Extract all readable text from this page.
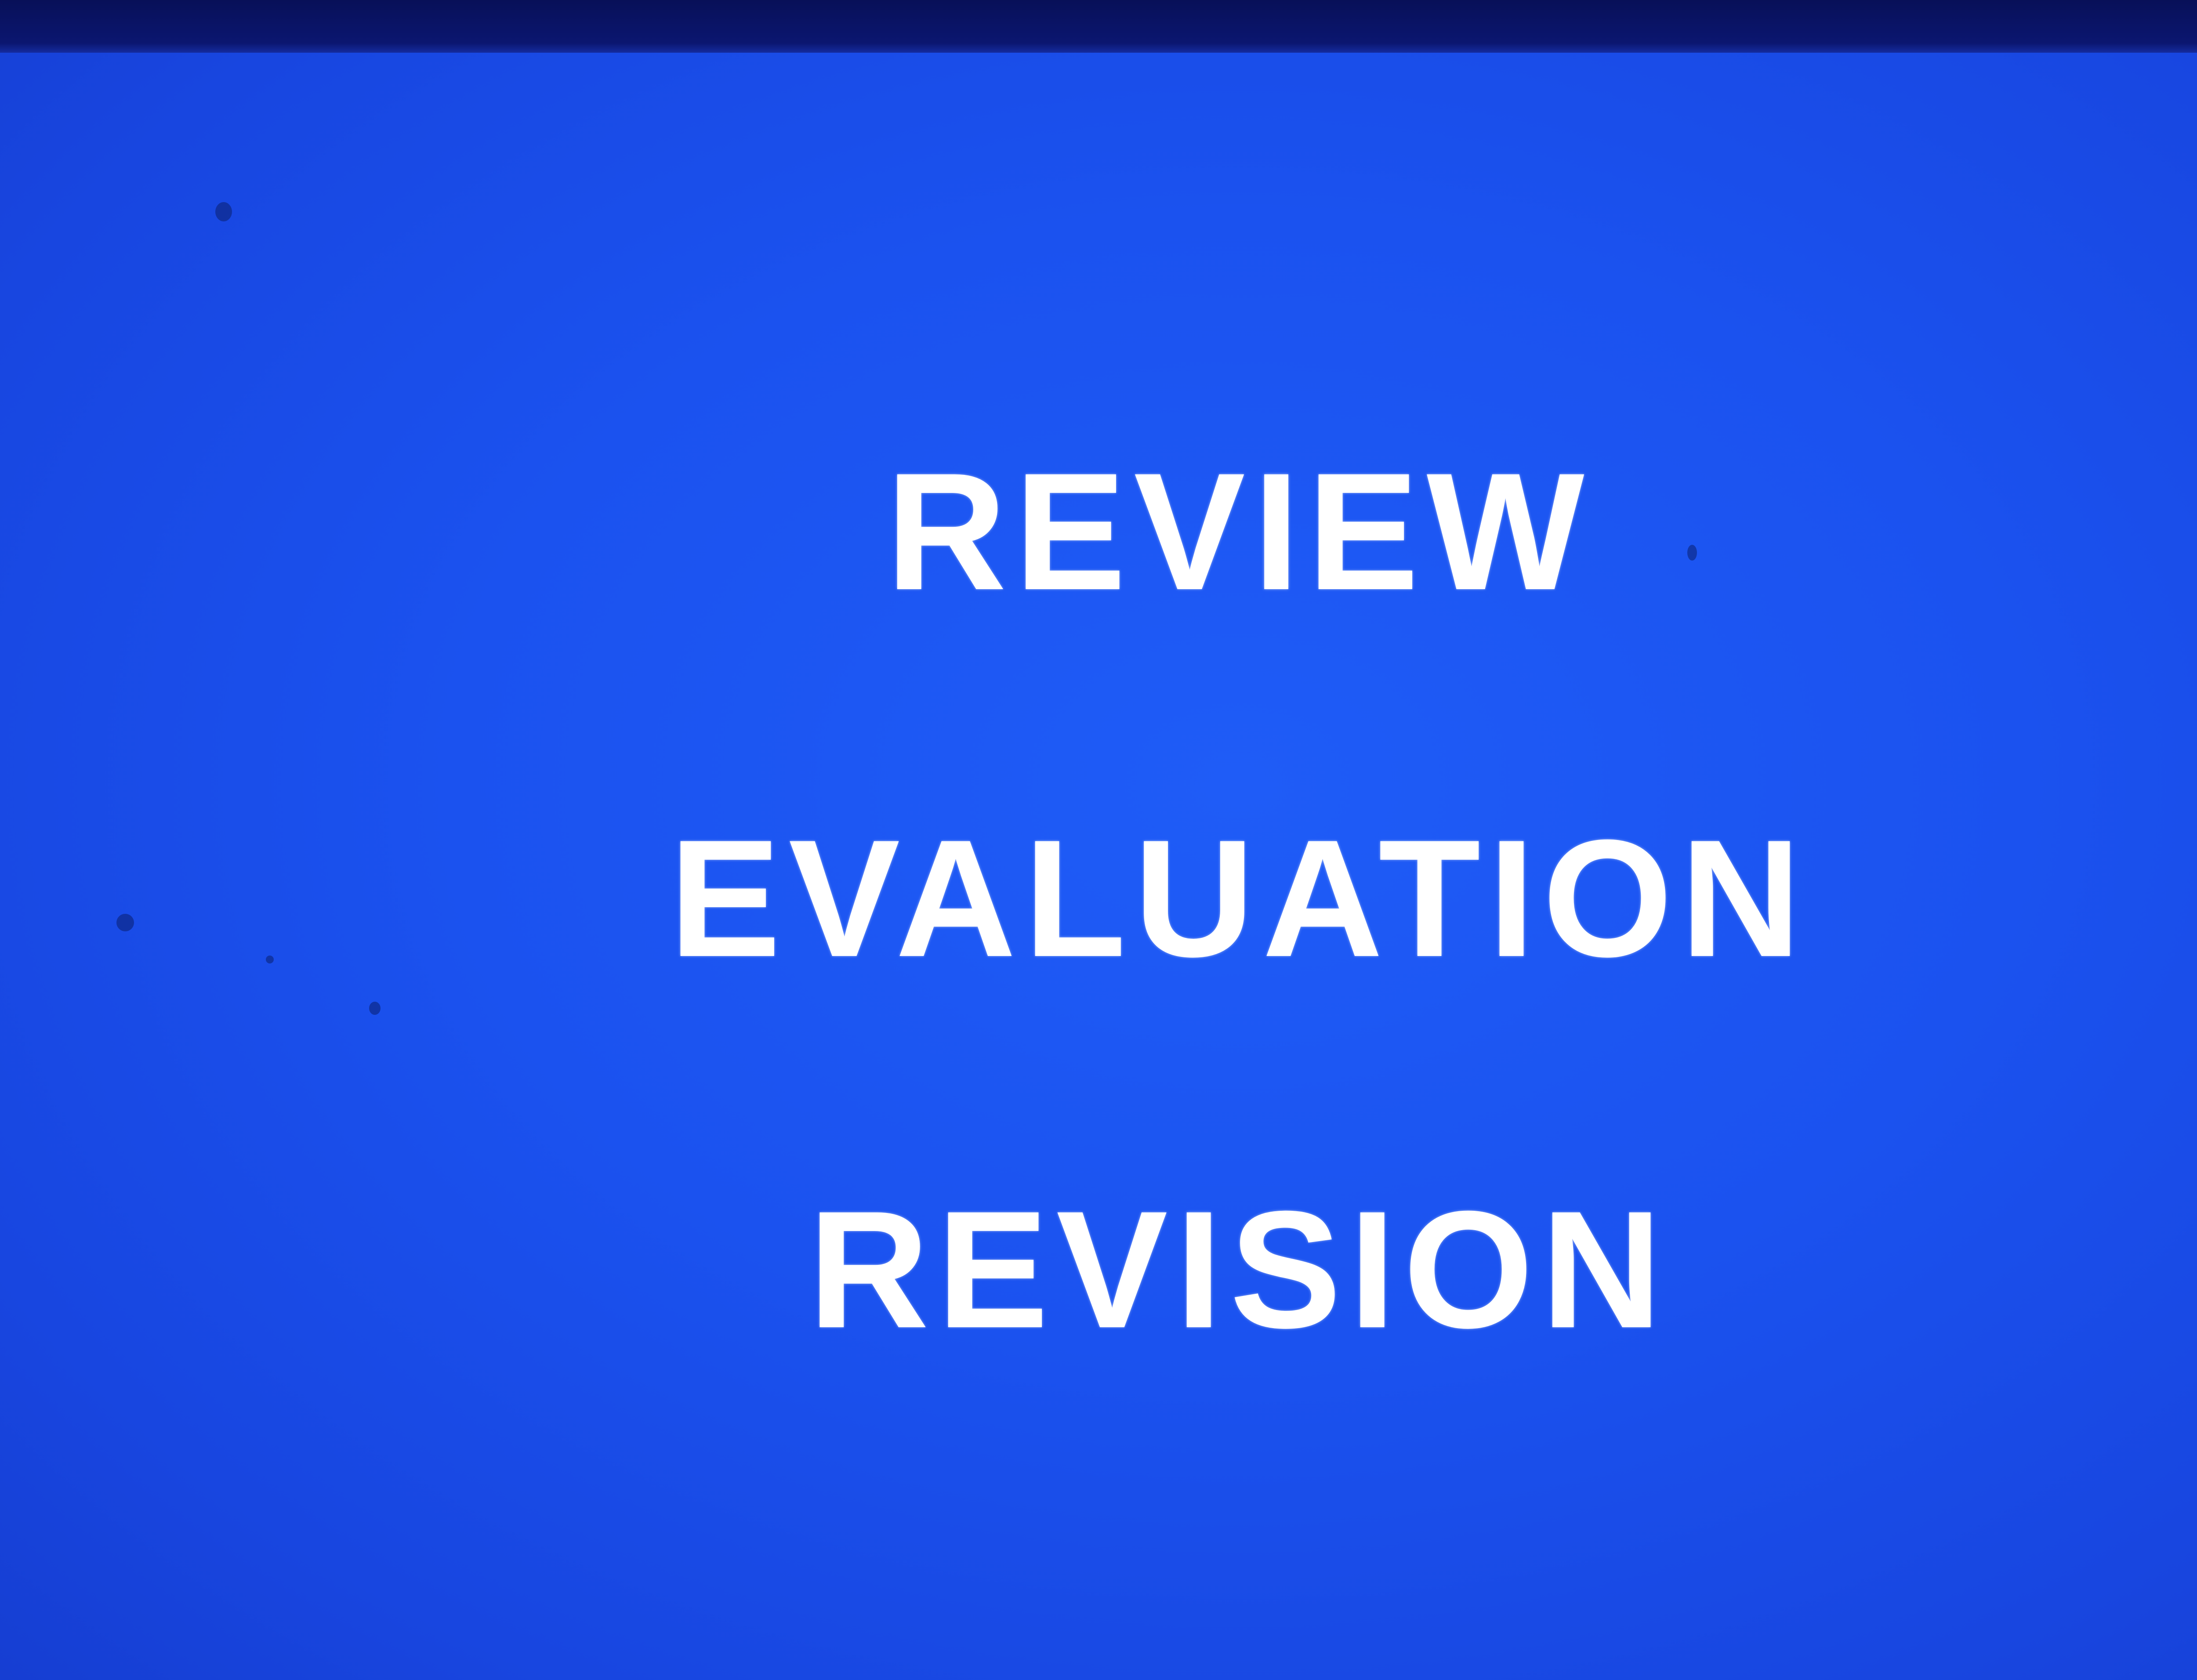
REVIEW
EVALUATION
REVISION
